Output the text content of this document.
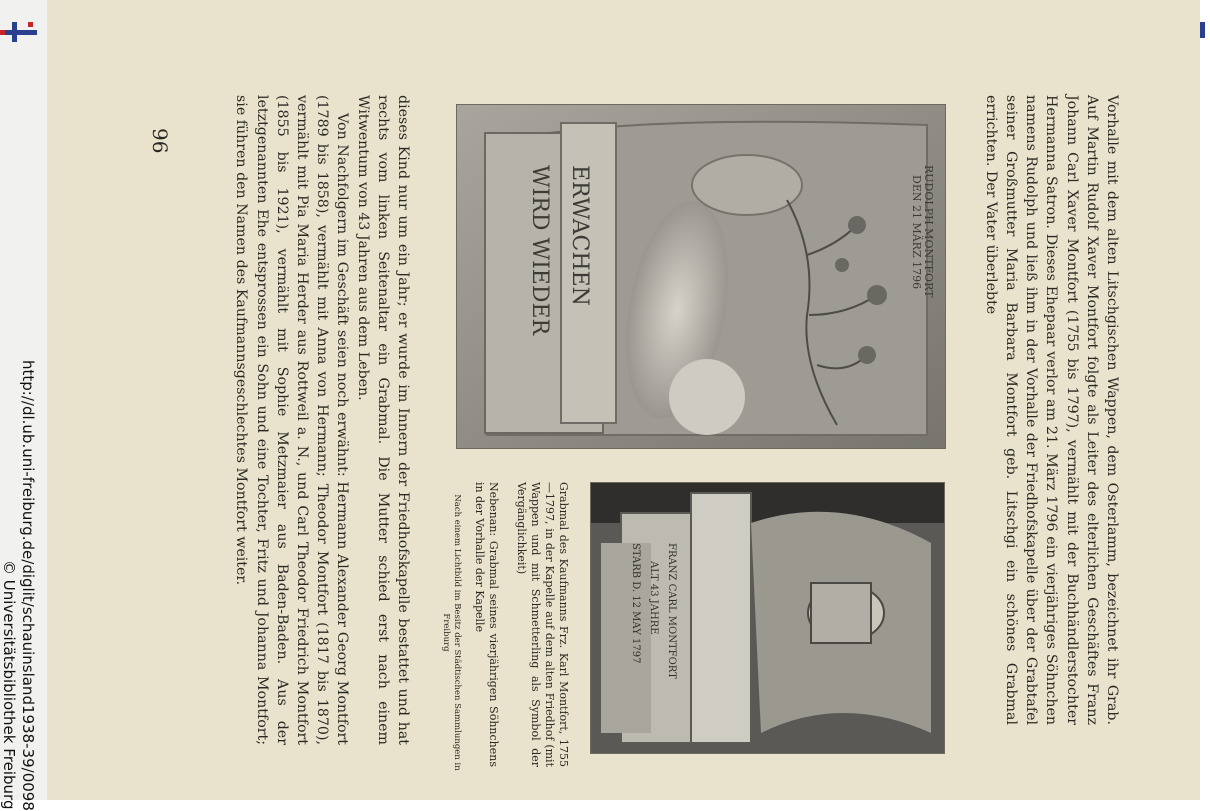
http://dl.ub.uni-freiburg.de/diglit/schauinsland1938-39/0098
© Universitätsbibliothek Freiburg	Vorhalle mit dem alten Litschgischen Wappen, dem Osterlamm, bezeichnet ihr Grab. Auf Martin Rudolf Xaver Montfort folgte als Leiter des elterlichen Geschäftes Franz Johann Carl Xaver Montfort (1755 bis 1797), vermählt mit der Buchhändlerstochter Hermanna Satron. Dieses Ehepaar verlor am 21. März 1796 ein vierjähriges Söhnchen namens Rudolph und ließ ihm in der Vorhalle der Friedhofskapelle über der Grabtafel seiner Großmutter Maria Barbara Montfort geb. Litschgi ein schönes Grabmal errichten. Der Vater überlebte

WIRD WIEDER ERWACHEN	RUDOLPH MONTFORT
DEN 21 MÄRZ 1796
FRANZ CARL MONTFORT
ALT 43 JAHRE
STARB D. 12 MAY 1797
Grabmal des Kaufmanns Frz. Karl Montfort, 1755—1797, in der Kapelle auf dem alten Friedhof (mit Wappen und mit Schmetterling als Symbol der Vergänglichkeit)
Nebenan: Grabmal seines vierjährigen Söhnchens in der Vorhalle der Kapelle
Nach einem Lichtbild im Besitz der Städtischen Sammlungen in Freiburg

dieses Kind nur um ein Jahr; er wurde im Innern der Friedhofskapelle bestattet und hat rechts vom linken Seitenaltar ein Grabmal. Die Mutter schied erst nach einem Witwentum von 43 Jahren aus dem Leben.

Von Nachfolgern im Geschäft seien noch erwähnt: Hermann Alexander Georg Montfort (1789 bis 1858), vermählt mit Anna von Hermann; Theodor Montfort (1817 bis 1870), vermählt mit Pia Maria Herder aus Rottweil a. N., und Carl Theodor Friedrich Montfort (1855 bis 1921), vermählt mit Sophie Metzmaier aus Baden-Baden. Aus der letztgenannten Ehe entsprossen ein Sohn und eine Tochter, Fritz und Johanna Montfort; sie führen den Namen des Kaufmannsgeschlechtes Montfort weiter.

96
